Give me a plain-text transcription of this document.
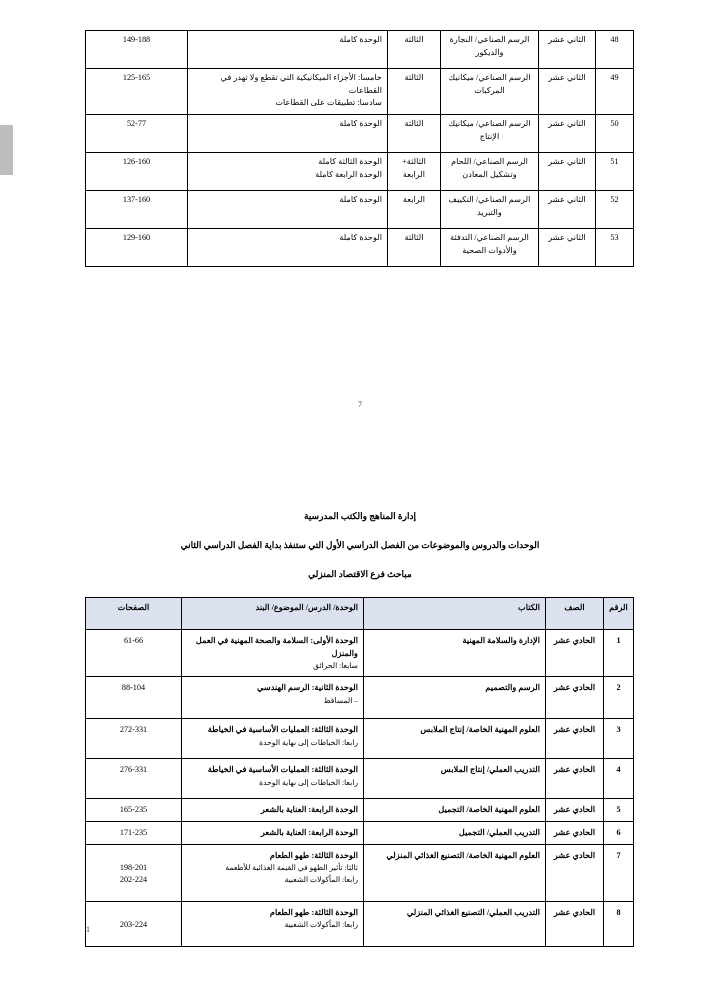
48	الثاني عشر	الرسم الصناعي/ النجارة والديكور	الثالثة	الوحدة كاملة	149-188
49	الثاني عشر	الرسم الصناعي/ ميكانيك المركبات	الثالثة	خامسا: الأجزاء الميكانيكية التي تقطع ولا تهدر في القطاعات
سادسا: تطبيقات على القطاعات	125-165
50	الثاني عشر	الرسم الصناعي/ ميكانيك الإنتاج	الثالثة	الوحدة كاملة	52-77
51	الثاني عشر	الرسم الصناعي/ اللحام وتشكيل المعادن	الثالثة+ الرابعة	الوحدة الثالثة كاملة
الوحدة الرابعة كاملة	126-160
52	الثاني عشر	الرسم الصناعي/ التكييف والتبريد	الرابعة	الوحدة كاملة	137-160
53	الثاني عشر	الرسم الصناعي/ التدفئة والأدوات الصحية	الثالثة	الوحدة كاملة	129-160
7
إدارة المناهج والكتب المدرسية
الوحدات والدروس والموضوعات من الفصل الدراسي الأول التي ستنفذ بداية الفصل الدراسي الثاني
مباحث فرع الاقتصاد المنزلي
الرقم	الصف	الكتاب	الوحدة/ الدرس/ الموضوع/ البند	الصفحات
1	الحادي عشر	الإدارة والسلامة المهنية	الوحدة الأولى: السلامة والصحة المهنية في العمل والمنزل
سابعا: الحرائق	61-66

2	الحادي عشر	الرسم والتصميم	الوحدة الثانية: الرسم الهندسي
– المساقط	88-104

3	الحادي عشر	العلوم المهنية الخاصة/ إنتاج الملابس	الوحدة الثالثة: العمليات الأساسية في الخياطة
رابعا: الخياطات إلى نهاية الوحدة	272-331

4	الحادي عشر	التدريب العملي/ إنتاج الملابس	الوحدة الثالثة: العمليات الأساسية في الخياطة
رابعا: الخياطات إلى نهاية الوحدة	276-331

5	الحادي عشر	العلوم المهنية الخاصة/ التجميل	الوحدة الرابعة: العناية بالشعر	165-235

6	الحادي عشر	التدريب العملي/ التجميل	الوحدة الرابعة: العناية بالشعر	171-235

7	الحادي عشر	العلوم المهنية الخاصة/ التصنيع الغذائي المنزلي	الوحدة الثالثة: طهو الطعام
ثالثا: تأثير الطهو في القيمة الغذائية للأطعمة
رابعا: المأكولات الشعبية	198-201
202-224

8	الحادي عشر	التدريب العملي/ التصنيع الغذائي المنزلي	الوحدة الثالثة: طهو الطعام
رابعا: المأكولات الشعبية	203-224
1
